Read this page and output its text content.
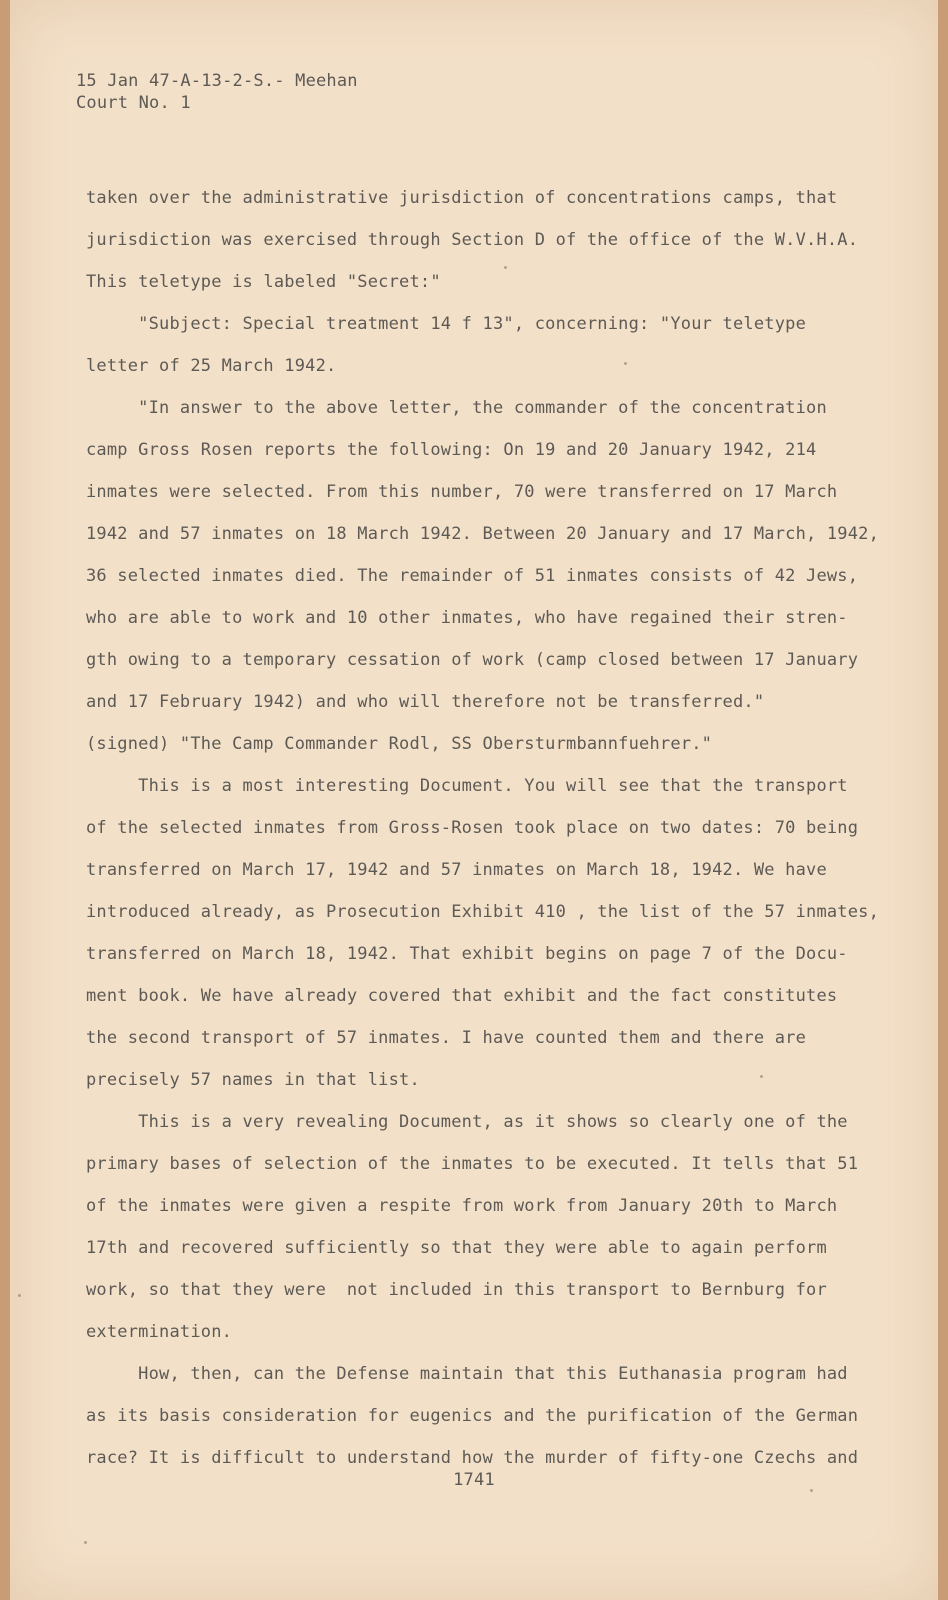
15 Jan 47-A-13-2-S.- Meehan
Court No. 1
taken over the administrative jurisdiction of concentrations camps, that
jurisdiction was exercised through Section D of the office of the W.V.H.A.
This teletype is labeled "Secret:"
"Subject: Special treatment 14 f 13", concerning: "Your teletype
letter of 25 March 1942.
"In answer to the above letter, the commander of the concentration
camp Gross Rosen reports the following: On 19 and 20 January 1942, 214
inmates were selected. From this number, 70 were transferred on 17 March
1942 and 57 inmates on 18 March 1942. Between 20 January and 17 March, 1942,
36 selected inmates died. The remainder of 51 inmates consists of 42 Jews,
who are able to work and 10 other inmates, who have regained their stren-
gth owing to a temporary cessation of work (camp closed between 17 January
and 17 February 1942) and who will therefore not be transferred."
(signed) "The Camp Commander Rodl, SS Obersturmbannfuehrer."
This is a most interesting Document. You will see that the transport
of the selected inmates from Gross-Rosen took place on two dates: 70 being
transferred on March 17, 1942 and 57 inmates on March 18, 1942. We have
introduced already, as Prosecution Exhibit 410 , the list of the 57 inmates,
transferred on March 18, 1942. That exhibit begins on page 7 of the Docu-
ment book. We have already covered that exhibit and the fact constitutes
the second transport of 57 inmates. I have counted them and there are
precisely 57 names in that list.
This is a very revealing Document, as it shows so clearly one of the
primary bases of selection of the inmates to be executed. It tells that 51
of the inmates were given a respite from work from January 20th to March
17th and recovered sufficiently so that they were able to again perform
work, so that they were  not included in this transport to Bernburg for
extermination.
How, then, can the Defense maintain that this Euthanasia program had
as its basis consideration for eugenics and the purification of the German
race? It is difficult to understand how the murder of fifty-one Czechs and
1741
